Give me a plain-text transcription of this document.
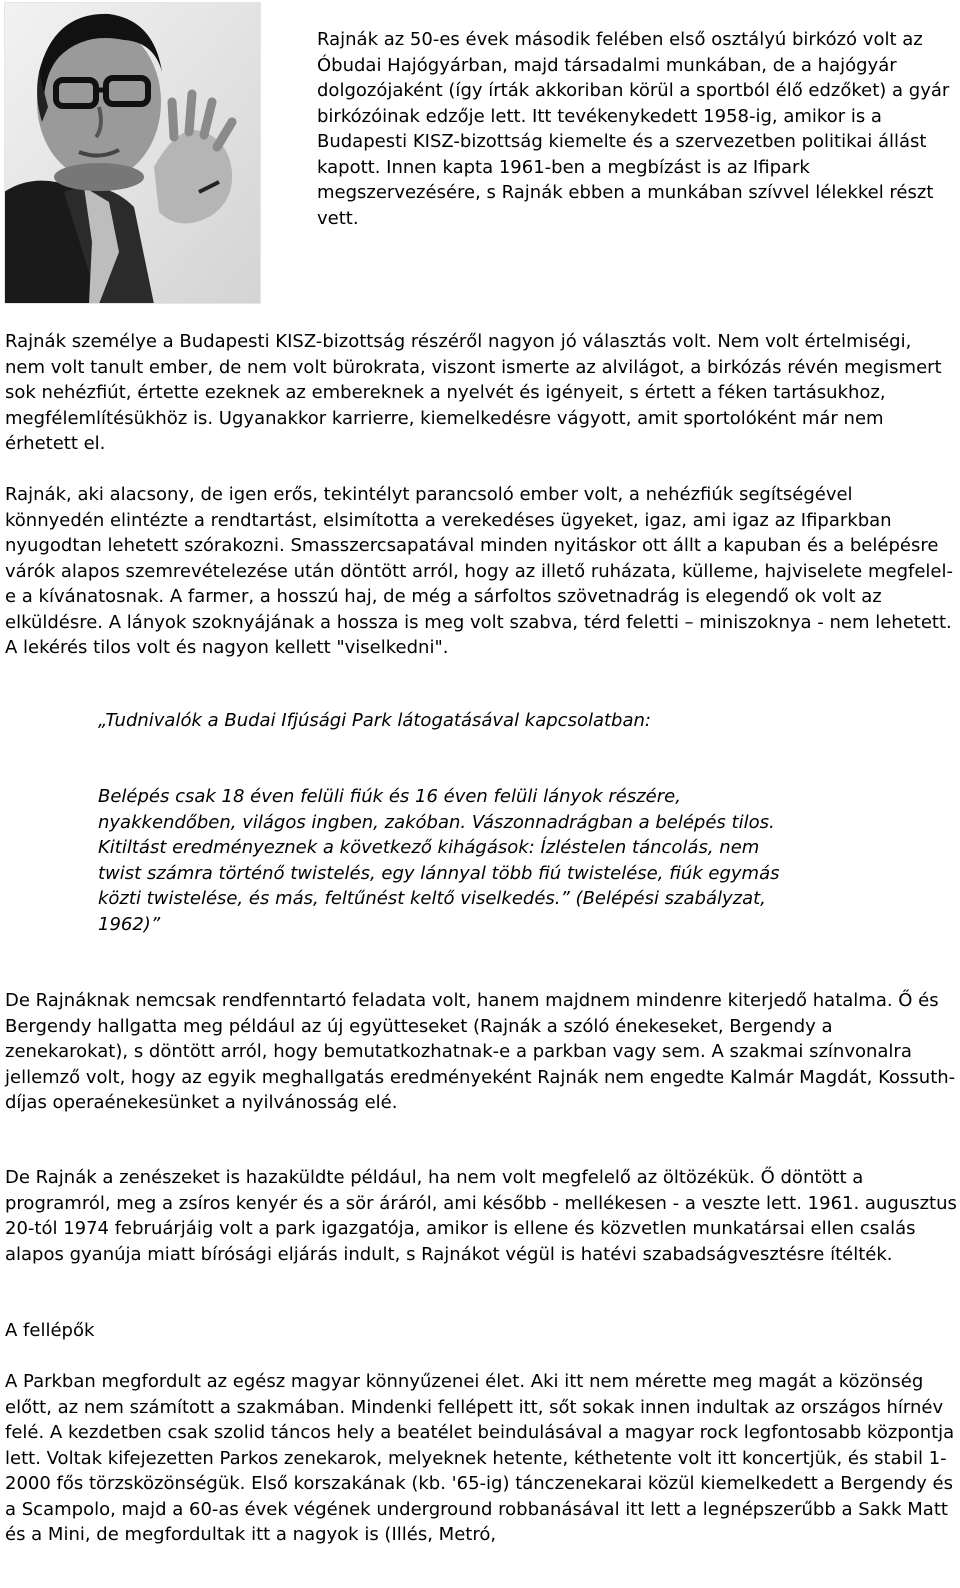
Rajnák az 50-es évek második felében első osztályú birkózó volt az Óbudai Hajógyárban, majd társadalmi munkában, de a hajógyár dolgozójaként (így írták akkoriban körül a sportból élő edzőket) a gyár birkózóinak edzője lett. Itt tevékenykedett 1958-ig, amikor is a Budapesti KISZ-bizottság kiemelte és a szervezetben politikai állást kapott. Innen kapta 1961-ben a megbízást is az Ifipark megszervezésére, s Rajnák ebben a munkában szívvel lélekkel részt vett.

Rajnák személye a Budapesti KISZ-bizottság részéről nagyon jó választás volt. Nem volt értelmiségi, nem volt tanult ember, de nem volt bürokrata, viszont ismerte az alvilágot, a birkózás révén megismert sok nehézfiút, értette ezeknek az embereknek a nyelvét és igényeit, s értett a féken tartásukhoz, megfélemlítésükhöz is. Ugyanakkor karrierre, kiemelkedésre vágyott, amit sportolóként már nem érhetett el.

Rajnák, aki alacsony, de igen erős, tekintélyt parancsoló ember volt, a nehézfiúk segítségével könnyedén elintézte a rendtartást, elsimította a verekedéses ügyeket, igaz, ami igaz az Ifiparkban nyugodtan lehetett szórakozni. Smasszercsapatával minden nyitáskor ott állt a kapuban és a belépésre várók alapos szemrevételezése után döntött arról, hogy az illető ruházata, külleme, hajviselete megfelel-e a kívánatosnak. A farmer, a hosszú haj, de még a sárfoltos szövetnadrág is elegendő ok volt az elküldésre. A lányok szoknyájának a hossza is meg volt szabva, térd feletti – miniszoknya - nem lehetett. A lekérés tilos volt és nagyon kellett "viselkedni".

„Tudnivalók a Budai Ifjúsági Park látogatásával kapcsolatban:

Belépés csak 18 éven felüli fiúk és 16 éven felüli lányok részére, nyakkendőben, világos ingben, zakóban. Vászonnadrágban a belépés tilos. Kitiltást eredményeznek a következő kihágások: Ízléstelen táncolás, nem twist számra történő twistelés, egy lánnyal több fiú twistelése, fiúk egymás közti twistelése, és más, feltűnést keltő viselkedés.” (Belépési szabályzat, 1962)”

De Rajnáknak nemcsak rendfenntartó feladata volt, hanem majdnem mindenre kiterjedő hatalma. Ő és Bergendy hallgatta meg például az új együtteseket (Rajnák a szóló énekeseket, Bergendy a zenekarokat), s döntött arról, hogy bemutatkozhatnak-e a parkban vagy sem. A szakmai színvonalra jellemző volt, hogy az egyik meghallgatás eredményeként Rajnák nem engedte Kalmár Magdát, Kossuth-díjas operaénekesünket a nyilvánosság elé.

De Rajnák a zenészeket is hazaküldte például, ha nem volt megfelelő az öltözékük. Ő döntött a programról, meg a zsíros kenyér és a sör áráról, ami később - mellékesen - a veszte lett. 1961. augusztus 20-tól 1974 februárjáig volt a park igazgatója, amikor is ellene és közvetlen munkatársai ellen csalás alapos gyanúja miatt bírósági eljárás indult, s Rajnákot végül is hatévi szabadságvesztésre ítélték.

A fellépők

A Parkban megfordult az egész magyar könnyűzenei élet. Aki itt nem mérette meg magát a közönség előtt, az nem számított a szakmában. Mindenki fellépett itt, sőt sokak innen indultak az országos hírnév felé. A kezdetben csak szolid táncos hely a beatélet beindulásával a magyar rock legfontosabb központja lett. Voltak kifejezetten Parkos zenekarok, melyeknek hetente, kéthetente volt itt koncertjük, és stabil 1-2000 fős törzsközönségük. Első korszakának (kb. '65-ig) tánczenekarai közül kiemelkedett a Bergendy és a Scampolo, majd a 60-as évek végének underground robbanásával itt lett a legnépszerűbb a Sakk Matt és a Mini, de megfordultak itt a nagyok is (Illés, Metró,
